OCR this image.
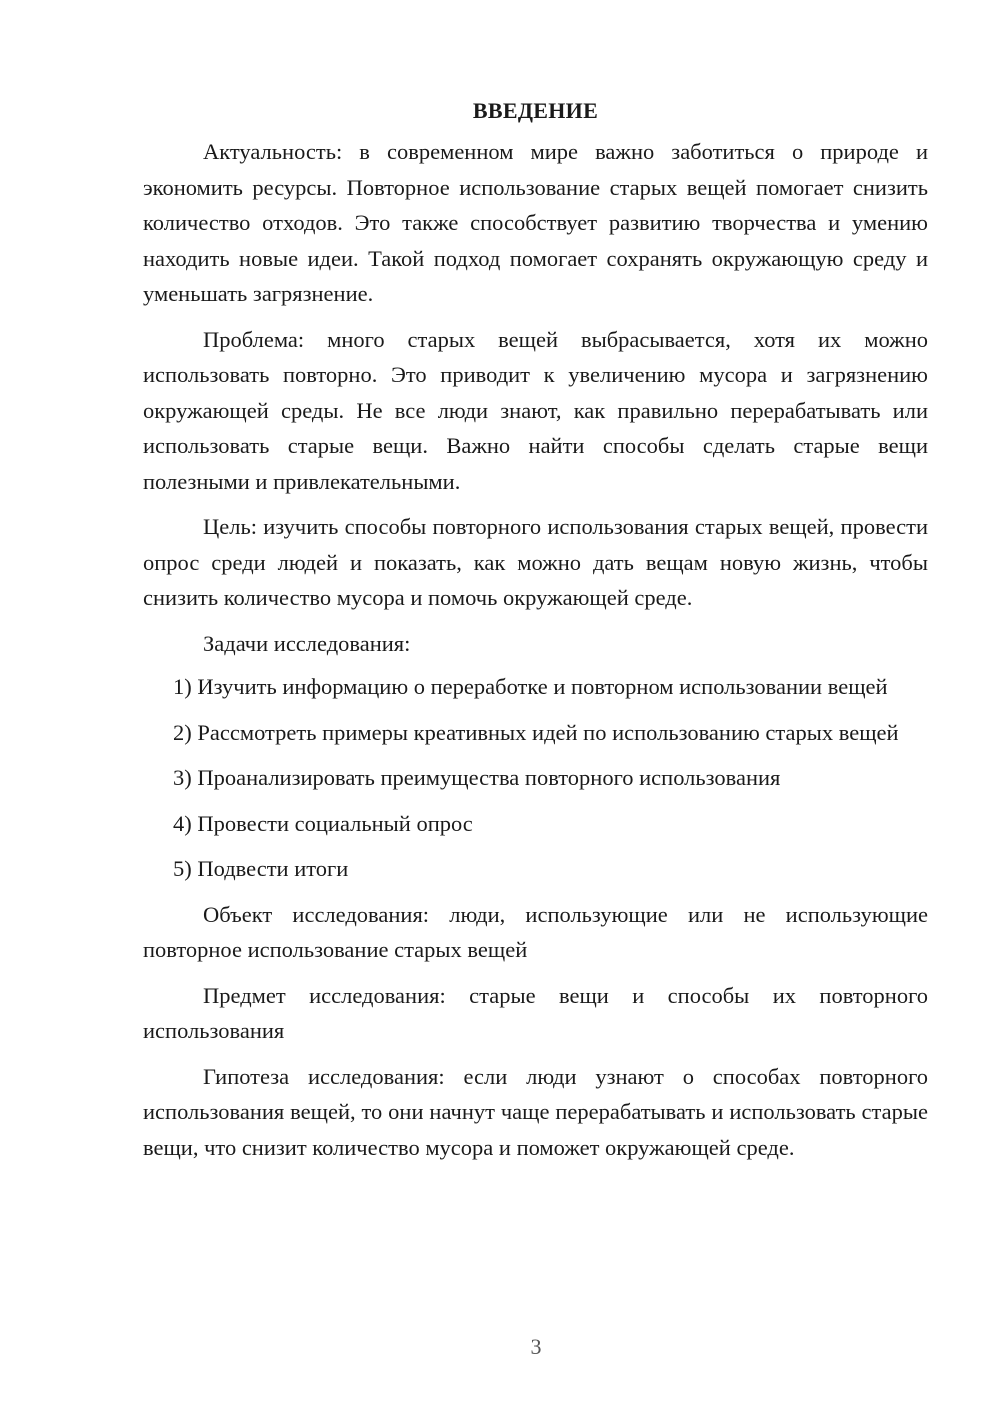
ВВЕДЕНИЕ

Актуальность: в современном мире важно заботиться о природе и экономить ресурсы. Повторное использование старых вещей помогает снизить количество отходов. Это также способствует развитию творчества и умению находить новые идеи. Такой подход помогает сохранять окружающую среду и уменьшать загрязнение.

Проблема: много старых вещей выбрасывается, хотя их можно использовать повторно. Это приводит к увеличению мусора и загрязнению окружающей среды. Не все люди знают, как правильно перерабатывать или использовать старые вещи. Важно найти способы сделать старые вещи полезными и привлекательными.

Цель: изучить способы повторного использования старых вещей, провести опрос среди людей и показать, как можно дать вещам новую жизнь, чтобы снизить количество мусора и помочь окружающей среде.

Задачи исследования:

1) Изучить информацию о переработке и повторном использовании вещей
2) Рассмотреть примеры креативных идей по использованию старых вещей
3) Проанализировать преимущества повторного использования
4) Провести социальный опрос
5) Подвести итоги

Объект исследования: люди, использующие или не использующие повторное использование старых вещей

Предмет исследования: старые вещи и способы их повторного использования

Гипотеза исследования: если люди узнают о способах повторного использования вещей, то они начнут чаще перерабатывать и использовать старые вещи, что снизит количество мусора и поможет окружающей среде.

3
